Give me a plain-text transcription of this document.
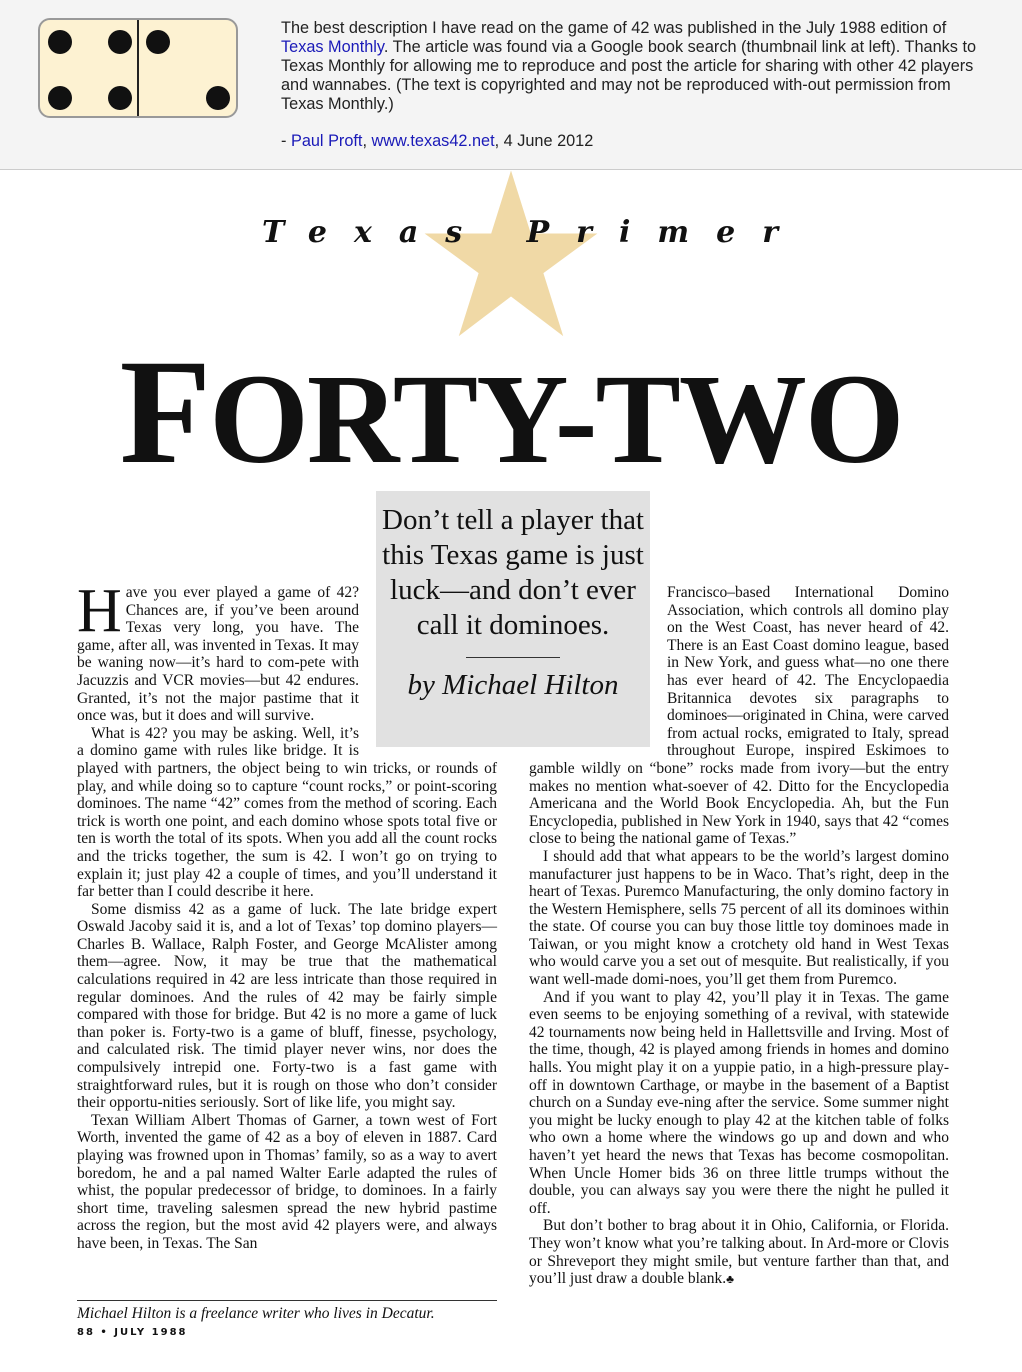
The best description I have read on the game of 42 was published in the July 1988 edition of Texas Monthly. The article was found via a Google book search (thumbnail link at left). Thanks to Texas Monthly for allowing me to reproduce and post the article for sharing with other 42 players and wannabes. (The text is copyrighted and may not be reproduced with-out permission from Texas Monthly.)

- Paul Proft, www.texas42.net, 4 June 2012

Texas Primer
FORTY-TWO

Have you ever played a game of 42? Chances are, if you’ve been around Texas very long, you have. The game, after all, was invented in Texas. It may be waning now—it’s hard to com-pete with Jacuzzis and VCR movies—but 42 endures. Granted, it’s not the major pastime that it once was, but it does and will survive.

What is 42? you may be asking. Well, it’s a domino game with rules like bridge. It is played with partners, the object being to win tricks, or rounds of play, and while doing so to capture “count rocks,” or point-scoring dominoes. The name “42” comes from the method of scoring. Each trick is worth one point, and each domino whose spots total five or ten is worth the total of its spots. When you add all the count rocks and the tricks together, the sum is 42. I won’t go on trying to explain it; just play 42 a couple of times, and you’ll understand it far better than I could describe it here.

Some dismiss 42 as a game of luck. The late bridge expert Oswald Jacoby said it is, and a lot of Texas’ top domino players—Charles B. Wallace, Ralph Foster, and George McAlister among them—agree. Now, it may be true that the mathematical calculations required in 42 are less intricate than those required in regular dominoes. And the rules of 42 may be fairly simple compared with those for bridge. But 42 is no more a game of luck than poker is. Forty-two is a game of bluff, finesse, psychology, and calculated risk. The timid player never wins, nor does the compulsively intrepid one. Forty-two is a fast game with straightforward rules, but it is rough on those who don’t consider their opportu-nities seriously. Sort of like life, you might say.

Texan William Albert Thomas of Garner, a town west of Fort Worth, invented the game of 42 as a boy of eleven in 1887. Card playing was frowned upon in Thomas’ family, so as a way to avert boredom, he and a pal named Walter Earle adapted the rules of whist, the popular predecessor of bridge, to dominoes. In a fairly short time, traveling salesmen spread the new hybrid pastime across the region, but the most avid 42 players were, and always have been, in Texas. The San

Francisco–based International Domino Association, which controls all domino play on the West Coast, has never heard of 42. There is an East Coast domino league, based in New York, and guess what—no one there has ever heard of 42. The Encyclopaedia Britannica devotes six paragraphs to dominoes—originated in China, were carved from actual rocks, emigrated to Italy, spread throughout Europe, inspired Eskimoes to gamble wildly on “bone” rocks made from ivory—but the entry makes no mention what-soever of 42. Ditto for the Encyclopedia Americana and the World Book Encyclopedia. Ah, but the Fun Encyclopedia, published in New York in 1940, says that 42 “comes close to being the national game of Texas.”

I should add that what appears to be the world’s largest domino manufacturer just happens to be in Waco. That’s right, deep in the heart of Texas. Puremco Manufacturing, the only domino factory in the Western Hemisphere, sells 75 percent of all its dominoes within the state. Of course you can buy those little toy dominoes made in Taiwan, or you might know a crotchety old hand in West Texas who would carve you a set out of mesquite. But realistically, if you want well-made domi-noes, you’ll get them from Puremco.

And if you want to play 42, you’ll play it in Texas. The game even seems to be enjoying something of a revival, with statewide 42 tournaments now being held in Hallettsville and Irving. Most of the time, though, 42 is played among friends in homes and domino halls. You might play it on a yuppie patio, in a high-pressure play-off in downtown Carthage, or maybe in the basement of a Baptist church on a Sunday eve-ning after the service. Some summer night you might be lucky enough to play 42 at the kitchen table of folks who own a home where the windows go up and down and who haven’t yet heard the news that Texas has become cosmopolitan. When Uncle Homer bids 36 on three little trumps without the double, you can always say you were there the night he pulled it off.

But don’t bother to brag about it in Ohio, California, or Florida. They won’t know what you’re talking about. In Ard-more or Clovis or Shreveport they might smile, but venture farther than that, and you’ll just draw a double blank.♣

Don’t tell a player that this Texas game is just luck—and don’t ever call it dominoes.
by Michael Hilton
Michael Hilton is a freelance writer who lives in Decatur.
88 • JULY 1988
